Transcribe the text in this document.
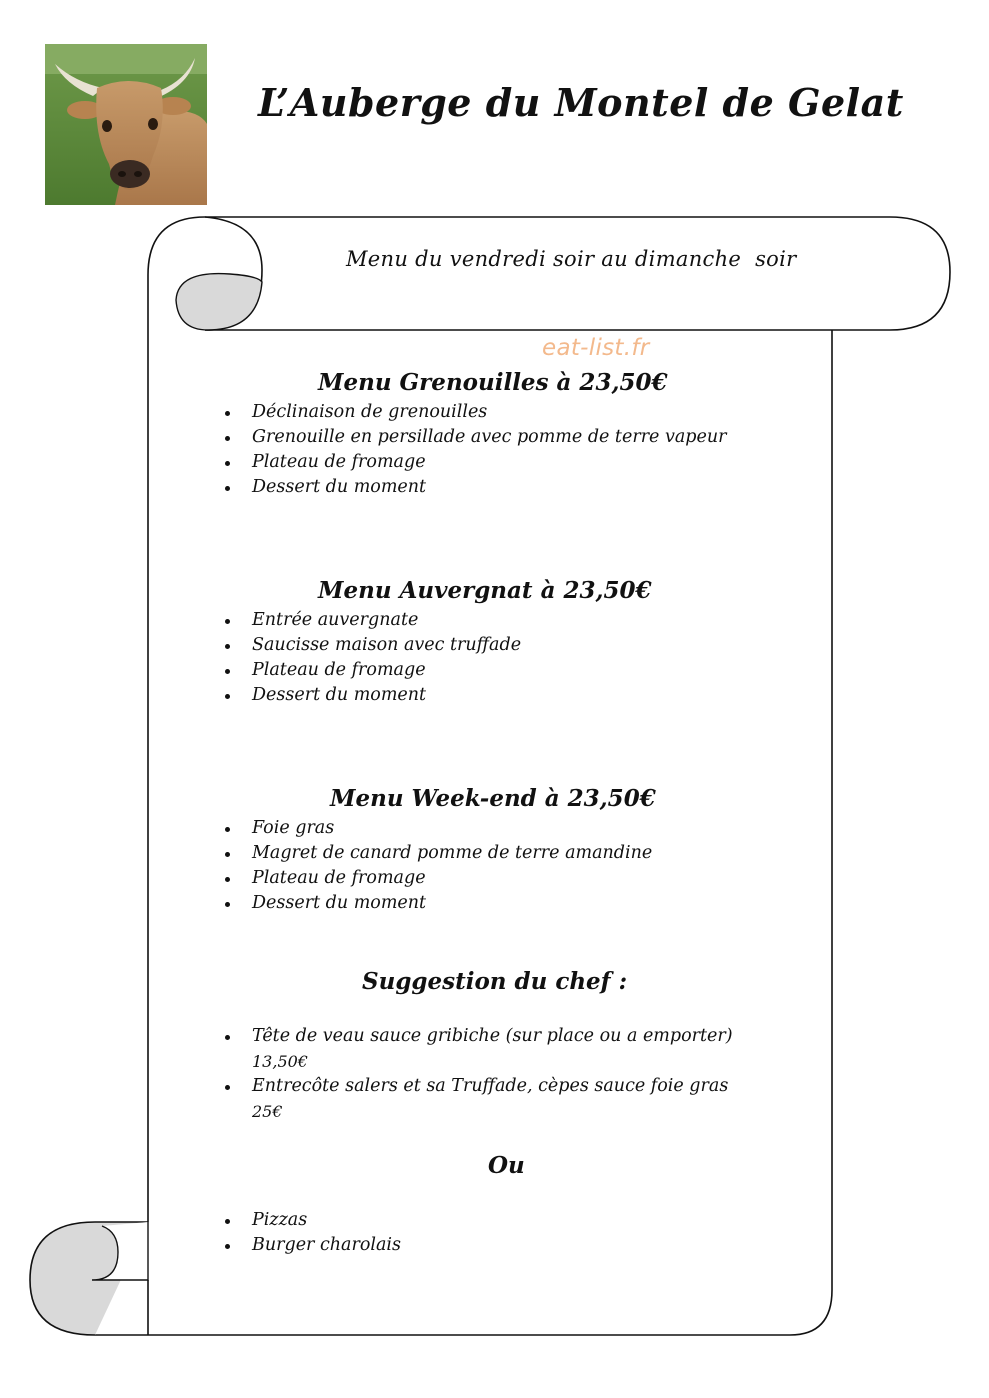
L’Auberge du Montel de Gelat
Menu du vendredi soir au dimanche  soir
eat-list.fr
Menu Grenouilles à 23,50€
Déclinaison de grenouilles
Grenouille en persillade avec pomme de terre vapeur
Plateau de fromage
Dessert du moment
Menu Auvergnat à 23,50€
Entrée auvergnate
Saucisse maison avec truffade
Plateau de fromage
Dessert du moment
Menu Week-end à 23,50€
Foie gras
Magret de canard pomme de terre amandine
Plateau de fromage
Dessert du moment
Suggestion du chef :
Tête de veau sauce gribiche (sur place ou a emporter)
13,50€
Entrecôte salers et sa Truffade, cèpes sauce foie gras
25€
Ou
Pizzas
Burger charolais
